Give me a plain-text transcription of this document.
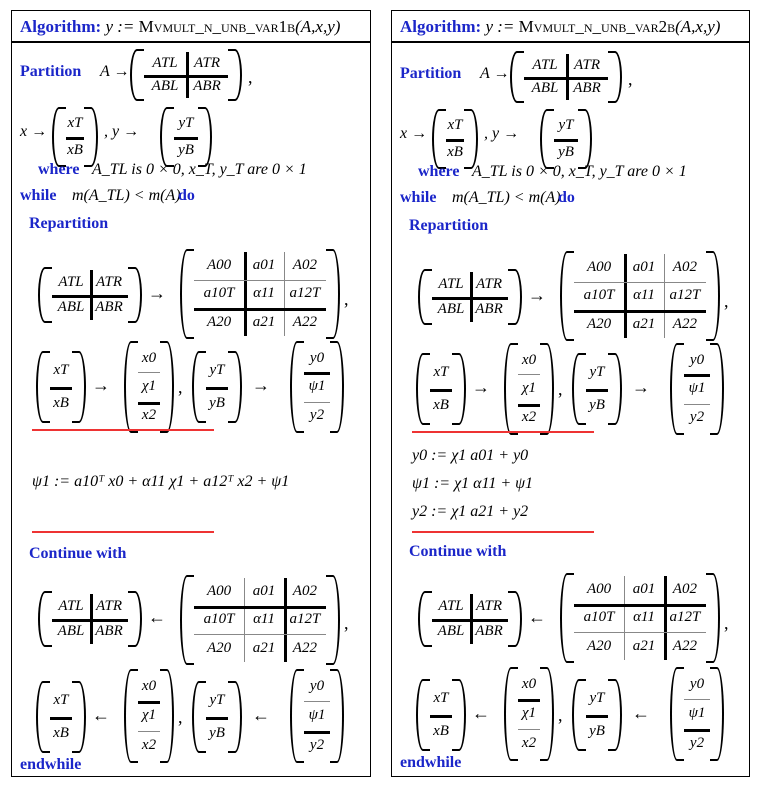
Algorithm: y := Mvmult_n_unb_var1b(A,x,y)
Partition A →	ATL	ATR
ABL ABR	,
x → xT
xB
, y →	yT
yB
where A_TL is 0 × 0, x_T, y_T are 0 × 1
while m(A_TL) < m(A)
do
Repartition
ATL ATR
ABL ABR
→
A00	a01	A02
a10T	α11 a12T
A20	a21	A22
,
xT
xB
→
x0
χ1
x2
,
yT
yB
→
y0
ψ1
y2
ψ1 := a10ᵀ x0 + α11 χ1 + a12ᵀ x2 + ψ1
Continue with
ATL ATR
ABL ABR
←
A00	a01	A02
a10T	α11 a12T
A20	a21	A22
,
xT
xB
←
x0
χ1
x2
,
yT
yB
←
y0
ψ1
y2
endwhile
Algorithm: y := Mvmult_n_unb_var2b(A,x,y)
Partition A →	ATL	ATR
ABL ABR	,
x → xT
xB
, y →	yT
yB
where A_TL is 0 × 0, x_T, y_T are 0 × 1
while m(A_TL) < m(A)
do
Repartition
ATL ATR
ABL ABR
→
A00	a01	A02
a10T	α11 a12T
A20	a21	A22
,
xT
xB
→
x0
χ1
x2
,
yT
yB
→
y0
ψ1
y2
y0 := χ1 a01 + y0
ψ1 := χ1 α11 + ψ1
y2 := χ1 a21 + y2
Continue with
ATL ATR
ABL ABR
←
A00	a01	A02
a10T	α11 a12T
A20	a21	A22
,
xT
xB
←
x0
χ1
x2
,
yT
yB
←
y0
ψ1
y2
endwhile
